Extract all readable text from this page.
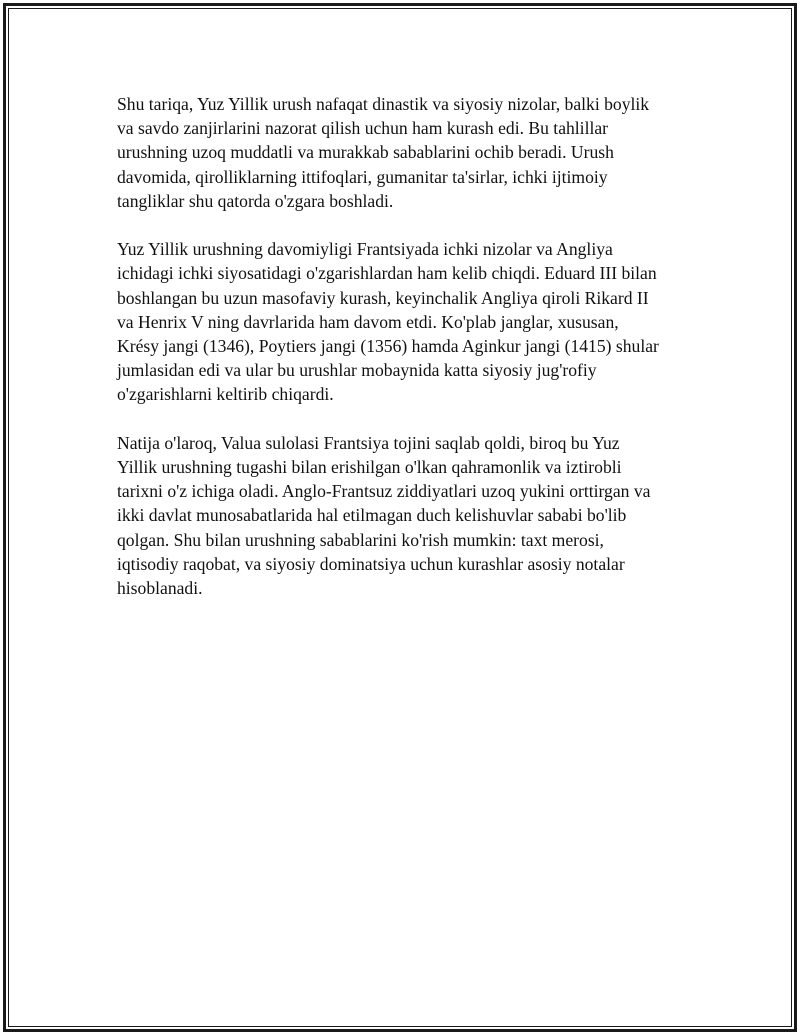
Shu tariqa, Yuz Yillik urush nafaqat dinastik va siyosiy nizolar, balki boylik
va savdo zanjirlarini nazorat qilish uchun ham kurash edi. Bu tahlillar
urushning uzoq muddatli va murakkab sabablarini ochib beradi. Urush
davomida, qirolliklarning ittifoqlari, gumanitar ta'sirlar, ichki ijtimoiy
tangliklar shu qatorda o'zgara boshladi.

Yuz Yillik urushning davomiyligi Frantsiyada ichki nizolar va Angliya
ichidagi ichki siyosatidagi o'zgarishlardan ham kelib chiqdi. Eduard III bilan
boshlangan bu uzun masofaviy kurash, keyinchalik Angliya qiroli Rikard II
va Henrix V ning davrlarida ham davom etdi. Ko'plab janglar, xususan,
Krésy jangi (1346), Poytiers jangi (1356) hamda Aginkur jangi (1415) shular
jumlasidan edi va ular bu urushlar mobaynida katta siyosiy jug'rofiy
o'zgarishlarni keltirib chiqardi.

Natija o'laroq, Valua sulolasi Frantsiya tojini saqlab qoldi, biroq bu Yuz
Yillik urushning tugashi bilan erishilgan o'lkan qahramonlik va iztirobli
tarixni o'z ichiga oladi. Anglo-Frantsuz ziddiyatlari uzoq yukini orttirgan va
ikki davlat munosabatlarida hal etilmagan duch kelishuvlar sababi bo'lib
qolgan. Shu bilan urushning sabablarini ko'rish mumkin: taxt merosi,
iqtisodiy raqobat, va siyosiy dominatsiya uchun kurashlar asosiy notalar
hisoblanadi.
